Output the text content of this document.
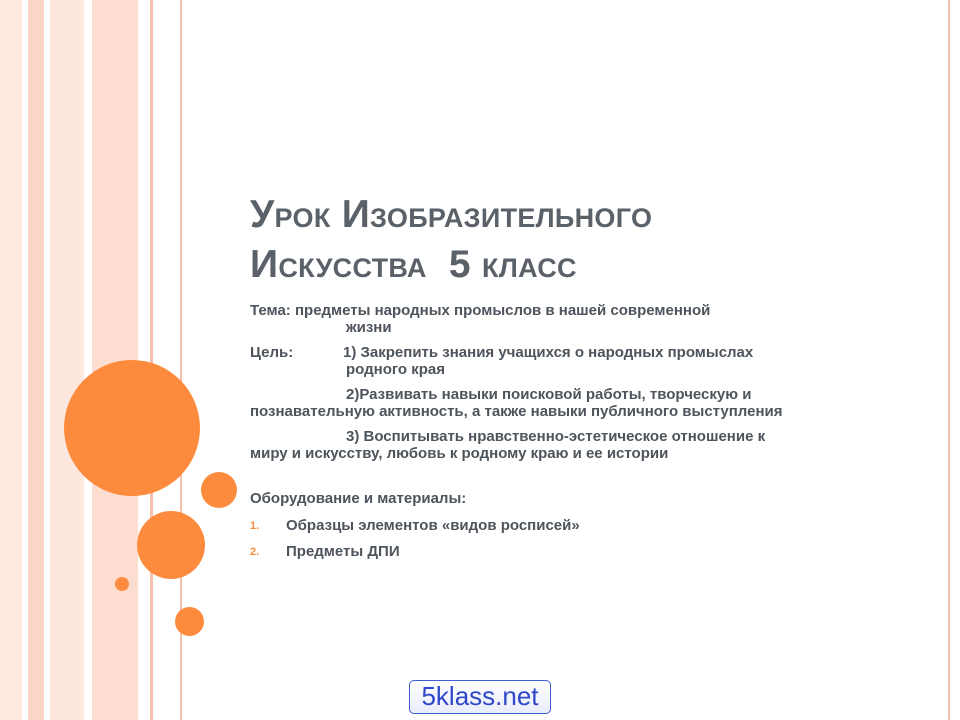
Урок Изобразительного
Искусства  5 класс
Тема: предметы народных промыслов в нашей современной
жизни
Цель:	1) Закрепить знания учащихся о народных промыслах
родного края
2)Развивать навыки поисковой работы, творческую и
познавательную активность, а также навыки публичного выступления
3) Воспитывать нравственно-эстетическое отношение к
миру и искусству, любовь к родному краю и ее истории
Оборудование и материалы:
1. Образцы элементов «видов росписей»
2. Предметы ДПИ
5klass.net
